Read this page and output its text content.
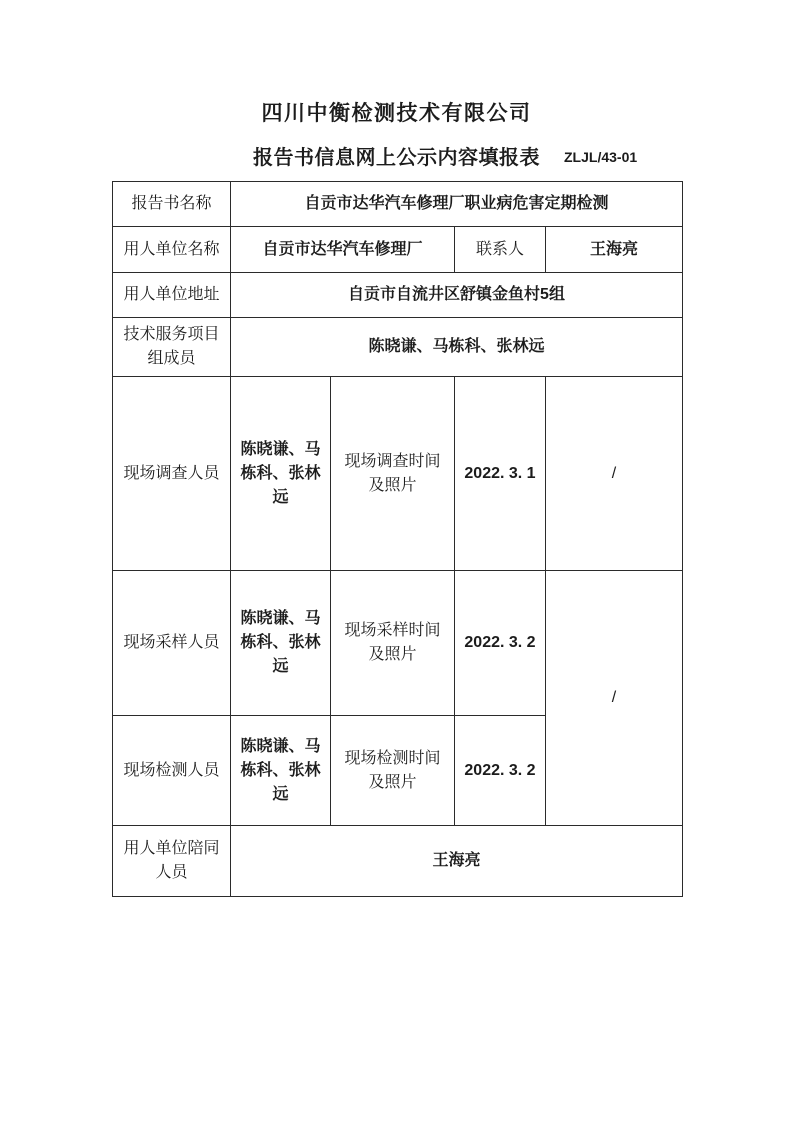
四川中衡检测技术有限公司
报告书信息网上公示内容填报表 ZLJL/43-01
报告书名称	自贡市达华汽车修理厂职业病危害定期检测			
用人单位名称	自贡市达华汽车修理厂		联系人	王海亮
用人单位地址	自贡市自流井区舒镇金鱼村5组			
技术服务项目组成员	陈晓谦、马栋科、张林远			
现场调查人员	陈晓谦、马栋科、张林远	现场调查时间及照片	2022. 3. 1	/
现场采样人员	陈晓谦、马栋科、张林远	现场采样时间及照片	2022. 3. 2	/
现场检测人员	陈晓谦、马栋科、张林远	现场检测时间及照片	2022. 3. 2	
用人单位陪同人员	王海亮			
